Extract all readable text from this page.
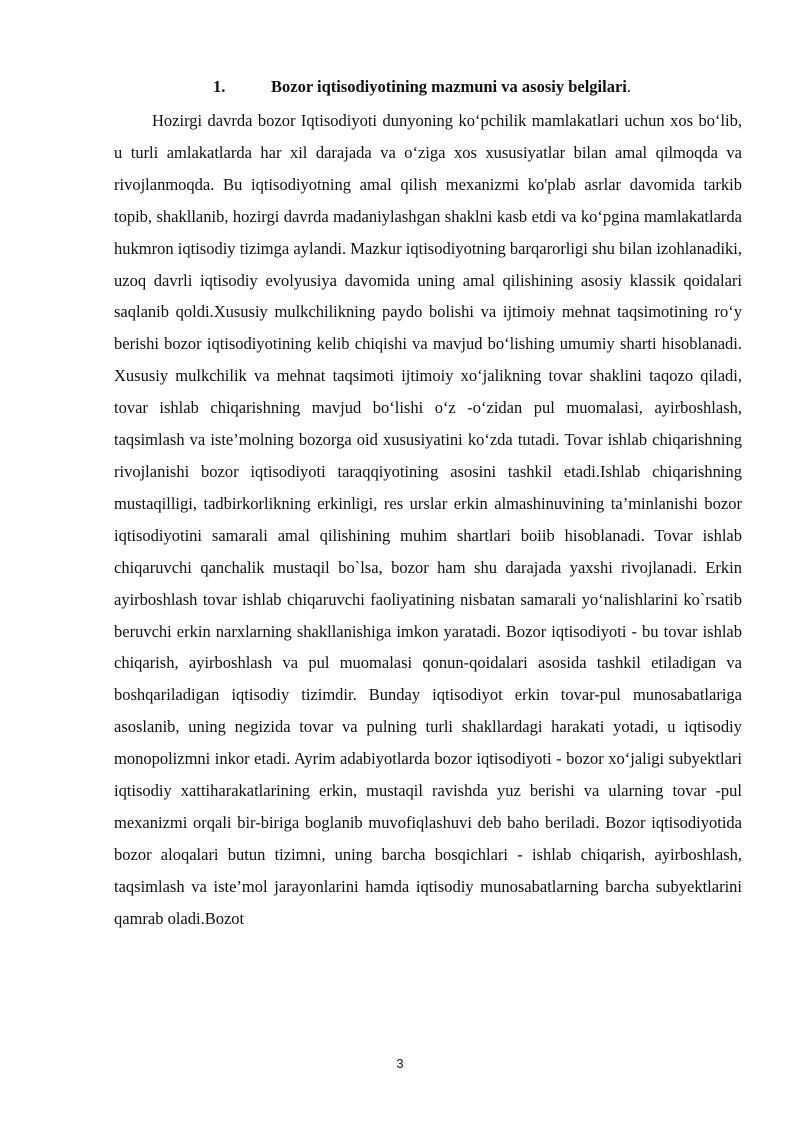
1.	Bozor iqtisodiyotining mazmuni va asosiy belgilari.

Hozirgi davrda bozor Iqtisodiyoti dunyoning ko‘pchilik mamlakatlari uchun xos bo‘lib, u turli amlakatlarda har xil darajada va o‘ziga xos xususiyatlar bilan amal qilmoqda va rivojlanmoqda. Bu iqtisodiyotning amal qilish mexanizmi ko'plab asrlar davomida tarkib topib, shakllanib, hozirgi davrda madaniylashgan shaklni kasb etdi va ko‘pgina mamlakatlarda hukmron iqtisodiy tizimga aylandi. Mazkur iqtisodiyotning barqarorligi shu bilan izohlanadiki, uzoq davrli iqtisodiy evolyusiya davomida uning amal qilishining asosiy klassik qoidalari saqlanib qoldi.Xususiy mulkchilikning paydo bolishi va ijtimoiy mehnat taqsimotining ro‘y berishi bozor iqtisodiyotining kelib chiqishi va mavjud bo‘lishing umumiy sharti hisoblanadi. Xususiy mulkchilik va mehnat taqsimoti ijtimoiy xo‘jalikning tovar shaklini taqozo qiladi, tovar ishlab chiqarishning mavjud bo‘lishi o‘z -o‘zidan pul muomalasi, ayirboshlash, taqsimlash va iste’molning bozorga oid xususiyatini ko‘zda tutadi. Tovar ishlab chiqarishning rivojlanishi bozor iqtisodiyoti taraqqiyotining asosini tashkil etadi.Ishlab chiqarishning mustaqilligi, tadbirkorlikning erkinligi, res urslar erkin almashinuvining ta’minlanishi bozor iqtisodiyotini samarali amal qilishining muhim shartlari boiib hisoblanadi. Tovar ishlab chiqaruvchi qanchalik mustaqil bo`lsa, bozor ham shu darajada yaxshi rivojlanadi. Erkin ayirboshlash tovar ishlab chiqaruvchi faoliyatining nisbatan samarali yo‘nalishlarini ko`rsatib beruvchi erkin narxlarning shakllanishiga imkon yaratadi. Bozor iqtisodiyoti - bu tovar ishlab chiqarish, ayirboshlash va pul muomalasi qonun-qoidalari asosida tashkil etiladigan va boshqariladigan iqtisodiy tizimdir. Bunday iqtisodiyot erkin tovar-pul munosabatlariga asoslanib, uning negizida tovar va pulning turli shakllardagi harakati yotadi, u iqtisodiy monopolizmni inkor etadi. Ayrim adabiyotlarda bozor iqtisodiyoti - bozor xo‘jaligi subyektlari iqtisodiy xattiharakatlarining erkin, mustaqil ravishda yuz berishi va ularning tovar -pul mexanizmi orqali bir-biriga boglanib muvofiqlashuvi deb baho beriladi. Bozor iqtisodiyotida bozor aloqalari butun tizimni, uning barcha bosqichlari - ishlab chiqarish, ayirboshlash, taqsimlash va iste’mol jarayonlarini hamda iqtisodiy munosabatlarning barcha subyektlarini qamrab oladi.Bozot

3
